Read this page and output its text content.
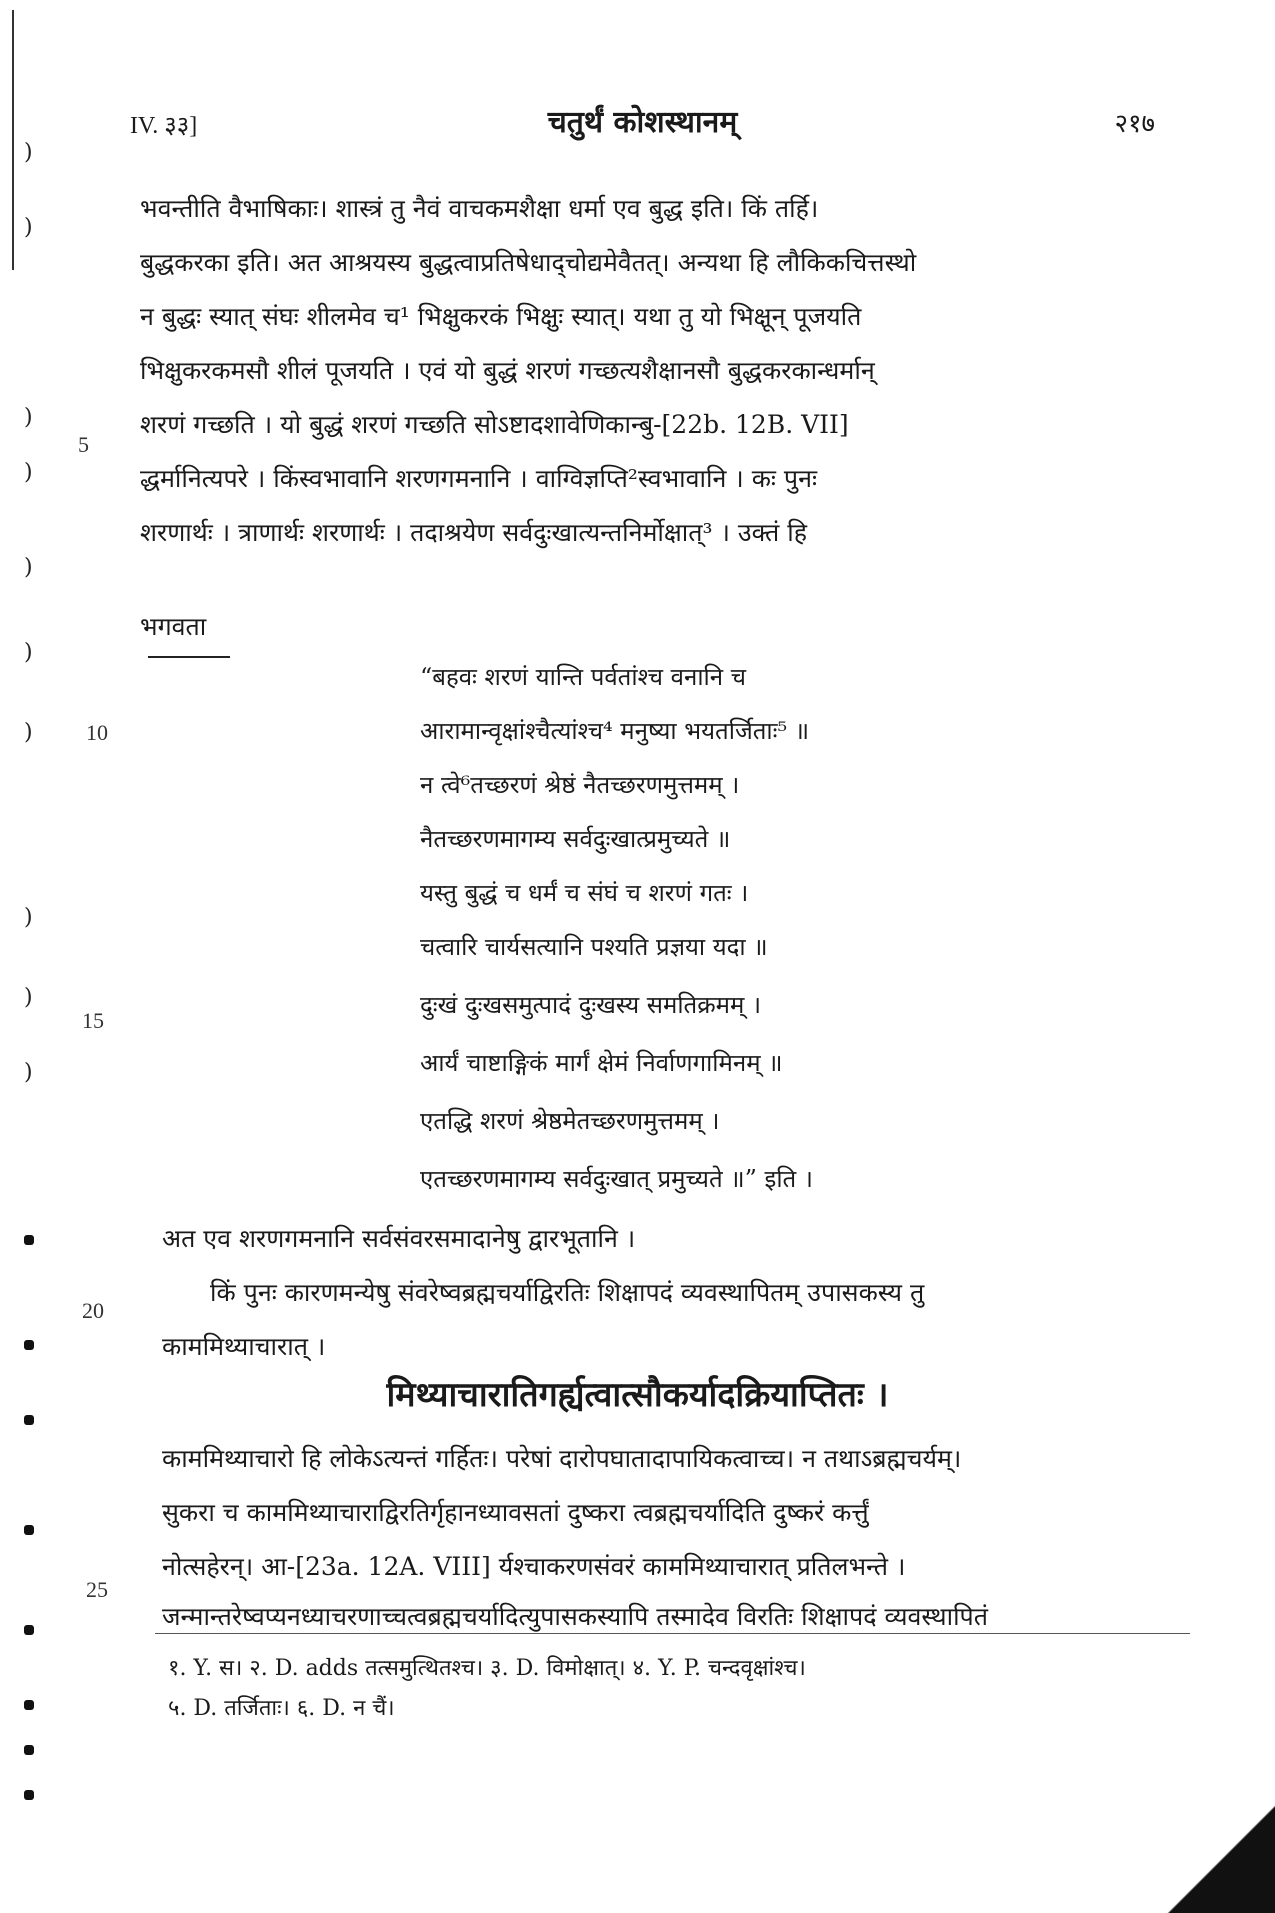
)
)
)
)
)
)
)
)
)
)
IV. ३३]	चतुर्थं कोशस्थानम्	२१७
भवन्तीति वैभाषिकाः। शास्त्रं तु नैवं वाचकमशैक्षा धर्मा एव बुद्ध इति। किं तर्हि।
बुद्धकरका इति। अत आश्रयस्य बुद्धत्वाप्रतिषेधाद्‌चोद्यमेवैतत्। अन्यथा हि लौकिकचित्तस्थो
न बुद्धः स्यात् संघः शीलमेव च¹ भिक्षुकरकं भिक्षुः स्यात्। यथा तु यो भिक्षून् पूजयति
भिक्षुकरकमसौ शीलं पूजयति । एवं यो बुद्धं शरणं गच्छत्यशैक्षानसौ बुद्धकरकान्धर्मान्
शरणं गच्छति । यो बुद्धं शरणं गच्छति सोऽष्टादशावेणिकान्बु-[22b. 12B. VII]
द्धर्मानित्यपरे । किंस्वभावानि शरणगमनानि । वाग्विज्ञप्ति²स्वभावानि । कः पुनः
शरणार्थः । त्राणार्थः शरणार्थः । तदाश्रयेण सर्वदुःखात्यन्तनिर्मोक्षात्³ । उक्तं हि
भगवता
5
10
15
20
25
“बहवः शरणं यान्ति पर्वतांश्च वनानि च
आरामान्वृक्षांश्चैत्यांश्च⁴ मनुष्या भयतर्जिताः⁵ ॥
न त्वे⁶तच्छरणं श्रेष्ठं नैतच्छरणमुत्तमम् ।
नैतच्छरणमागम्य सर्वदुःखात्प्रमुच्यते ॥
यस्तु बुद्धं च धर्मं च संघं च शरणं गतः ।
चत्वारि चार्यसत्यानि पश्यति प्रज्ञया यदा ॥
दुःखं दुःखसमुत्पादं दुःखस्य समतिक्रमम् ।
आर्यं चाष्टाङ्गिकं मार्गं क्षेमं निर्वाणगामिनम् ॥
एतद्धि शरणं श्रेष्ठमेतच्छरणमुत्तमम् ।
एतच्छरणमागम्य सर्वदुःखात् प्रमुच्यते ॥” इति ।
अत एव शरणगमनानि सर्वसंवरसमादानेषु द्वारभूतानि ।
किं पुनः कारणमन्येषु संवरेष्वब्रह्मचर्याद्विरतिः शिक्षापदं व्यवस्थापितम् उपासकस्य तु
काममिथ्याचारात् ।
मिथ्याचारातिगर्ह्यत्वात्सौकर्यादक्रियाप्तितः ।
काममिथ्याचारो हि लोकेऽत्यन्तं गर्हितः। परेषां दारोपघातादापायिकत्वाच्च। न तथाऽब्रह्मचर्यम्।
सुकरा च काममिथ्याचाराद्विरतिर्गृहानध्यावसतां दुष्करा त्वब्रह्मचर्यादिति दुष्करं कर्त्तुं
नोत्सहेरन्। आ-[23a. 12A. VIII] र्यश्चाकरणसंवरं काममिथ्याचारात् प्रतिलभन्ते ।
जन्मान्तरेष्वप्यनध्याचरणाच्चत्वब्रह्मचर्यादित्युपासकस्यापि तस्मादेव विरतिः शिक्षापदं व्यवस्थापितं
१. Y. स। २. D. adds तत्समुत्थितश्च। ३. D. विमोक्षात्। ४. Y. P. चन्दवृक्षांश्च।
५. D. तर्जिताः। ६. D. न चैं।
